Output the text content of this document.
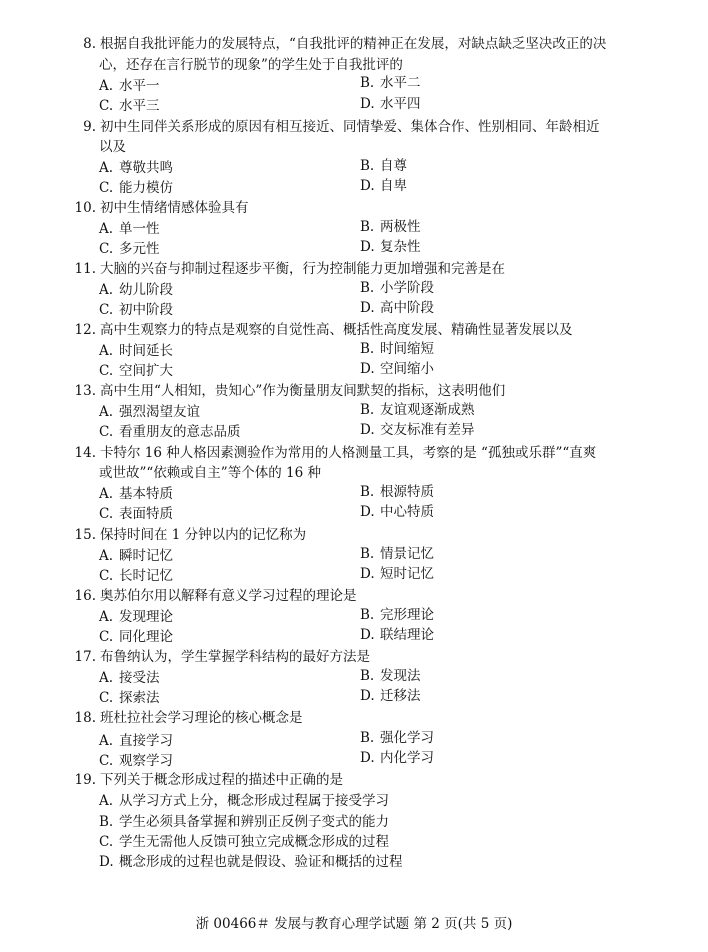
8. 根据自我批评能力的发展特点，“自我批评的精神正在发展，对缺点缺乏坚决改正的决
心，还存在言行脱节的现象”的学生处于自我批评的
A. 水平一	B. 水平二
C. 水平三	D. 水平四
9. 初中生同伴关系形成的原因有相互接近、同情挚爱、集体合作、性别相同、年龄相近
以及
A. 尊敬共鸣	B. 自尊
C. 能力模仿	D. 自卑
10. 初中生情绪情感体验具有
A. 单一性	B. 两极性
C. 多元性	D. 复杂性
11. 大脑的兴奋与抑制过程逐步平衡，行为控制能力更加增强和完善是在
A. 幼儿阶段	B. 小学阶段
C. 初中阶段	D. 高中阶段
12. 高中生观察力的特点是观察的自觉性高、概括性高度发展、精确性显著发展以及
A. 时间延长	B. 时间缩短
C. 空间扩大	D. 空间缩小
13. 高中生用“人相知，贵知心”作为衡量朋友间默契的指标，这表明他们
A. 强烈渴望友谊	B. 友谊观逐渐成熟
C. 看重朋友的意志品质	D. 交友标准有差异
14. 卡特尔 16 种人格因素测验作为常用的人格测量工具，考察的是 “孤独或乐群”“直爽
或世故”“依赖或自主”等个体的 16 种
A. 基本特质	B. 根源特质
C. 表面特质	D. 中心特质
15. 保持时间在 1 分钟以内的记忆称为
A. 瞬时记忆	B. 情景记忆
C. 长时记忆	D. 短时记忆
16. 奥苏伯尔用以解释有意义学习过程的理论是
A. 发现理论	B. 完形理论
C. 同化理论	D. 联结理论
17. 布鲁纳认为，学生掌握学科结构的最好方法是
A. 接受法	B. 发现法
C. 探索法	D. 迁移法
18. 班杜拉社会学习理论的核心概念是
A. 直接学习	B. 强化学习
C. 观察学习	D. 内化学习
19. 下列关于概念形成过程的描述中正确的是
A. 从学习方式上分，概念形成过程属于接受学习
B. 学生必须具备掌握和辨别正反例子变式的能力
C. 学生无需他人反馈可独立完成概念形成的过程
D. 概念形成的过程也就是假设、验证和概括的过程
浙 00466＃ 发展与教育心理学试题 第 2 页(共 5 页)
